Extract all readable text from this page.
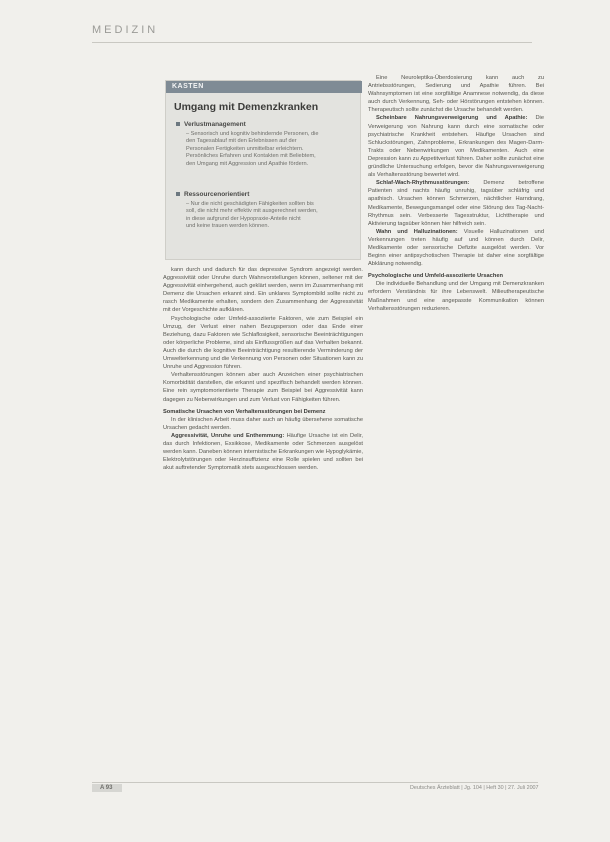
MEDIZIN
KASTEN
Umgang mit Demenzkranken
Verlustmanagement
– Sensorisch und kognitiv behindernde Personen, die
den Tagesablauf mit den Erlebnissen auf der
Personalen Fertigkeiten unmittelbar erleichtern.
Persönliches Erfahren und Kontakten mit Beliebtem,
den Umgang mit Aggression und Apathie fördern.
Ressourcenorientiert
– Nur die nicht geschädigten Fähigkeiten sollten bis
soll, die nicht mehr effektiv mit ausgerechnet werden,
in diese aufgrund der Hypopraxie-Anteile nicht
und keine trauen werden können.

kann durch und dadurch für das depressive Syndrom angezeigt werden. Aggressivität oder Unruhe durch Wahnvorstellungen können, seltener mit der Aggressivität einhergehend, auch geklärt werden, wenn im Zusammenhang mit Demenz die Ursachen erkannt sind. Ein unklares Symptombild sollte nicht zu rasch Medikamente erhalten, sondern den Zusammenhang der Aggressivität mit der Vorgeschichte aufklären.

Psychologische oder Umfeld-assoziierte Faktoren, wie zum Beispiel ein Umzug, der Verlust einer nahen Bezugsperson oder das Ende einer Beziehung, dazu Faktoren wie Schlaflosigkeit, sensorische Beeinträchtigungen oder körperliche Probleme, sind als Einflussgrößen auf das Verhalten bekannt. Auch die durch die kognitive Beeinträchtigung resultierende Verminderung der Umwelterkennung und die Verkennung von Personen oder Situationen kann zu Unruhe und Aggression führen.

Verhaltensstörungen können aber auch Anzeichen einer psychiatrischen Komorbidität darstellen, die erkannt und spezifisch behandelt werden können. Eine rein symptomorientierte Therapie zum Beispiel bei Aggressivität kann dagegen zu Nebenwirkungen und zum Verlust von Fähigkeiten führen.

Somatische Ursachen von Verhaltensstörungen bei Demenz

In der klinischen Arbeit muss daher auch an häufig übersehene somatische Ursachen gedacht werden.

Aggressivität, Unruhe und Enthemmung: Häufige Ursache ist ein Delir, das durch Infektionen, Exsikkose, Medikamente oder Schmerzen ausgelöst werden kann. Daneben können internistische Erkrankungen wie Hypoglykämie, Elektrolytstörungen oder Herzinsuffizienz eine Rolle spielen und sollten bei akut auftretender Symptomatik stets ausgeschlossen werden.

Eine Neuroleptika-Überdosierung kann auch zu Antriebsstörungen, Sedierung und Apathie führen. Bei Wahnsymptomen ist eine sorgfältige Anamnese notwendig, da diese auch durch Verkennung, Seh- oder Hörstörungen entstehen können. Therapeutisch sollte zunächst die Ursache behandelt werden.

Scheinbare Nahrungsverweigerung und Apathie: Die Verweigerung von Nahrung kann durch eine somatische oder psychiatrische Krankheit entstehen. Häufige Ursachen sind Schluckstörungen, Zahnprobleme, Erkrankungen des Magen-Darm-Trakts oder Nebenwirkungen von Medikamenten. Auch eine Depression kann zu Appetitverlust führen. Daher sollte zunächst eine gründliche Untersuchung erfolgen, bevor die Nahrungsverweigerung als Verhaltensstörung bewertet wird.

Schlaf-Wach-Rhythmusstörungen: Demenz betroffene Patienten sind nachts häufig unruhig, tagsüber schläfrig und apathisch. Ursachen können Schmerzen, nächtlicher Harndrang, Medikamente, Bewegungsmangel oder eine Störung des Tag-Nacht-Rhythmus sein. Verbesserte Tagesstruktur, Lichttherapie und Aktivierung tagsüber können hier hilfreich sein.

Wahn und Halluzinationen: Visuelle Halluzinationen und Verkennungen treten häufig auf und können durch Delir, Medikamente oder sensorische Defizite ausgelöst werden. Vor Beginn einer antipsychotischen Therapie ist daher eine sorgfältige Abklärung notwendig.

Psychologische und Umfeld-assoziierte Ursachen

Die individuelle Behandlung und der Umgang mit Demenzkranken erfordern Verständnis für ihre Lebenswelt. Milieutherapeutische Maßnahmen und eine angepasste Kommunikation können Verhaltensstörungen reduzieren.

A 93	Deutsches Ärzteblatt | Jg. 104 | Heft 30 | 27. Juli 2007
